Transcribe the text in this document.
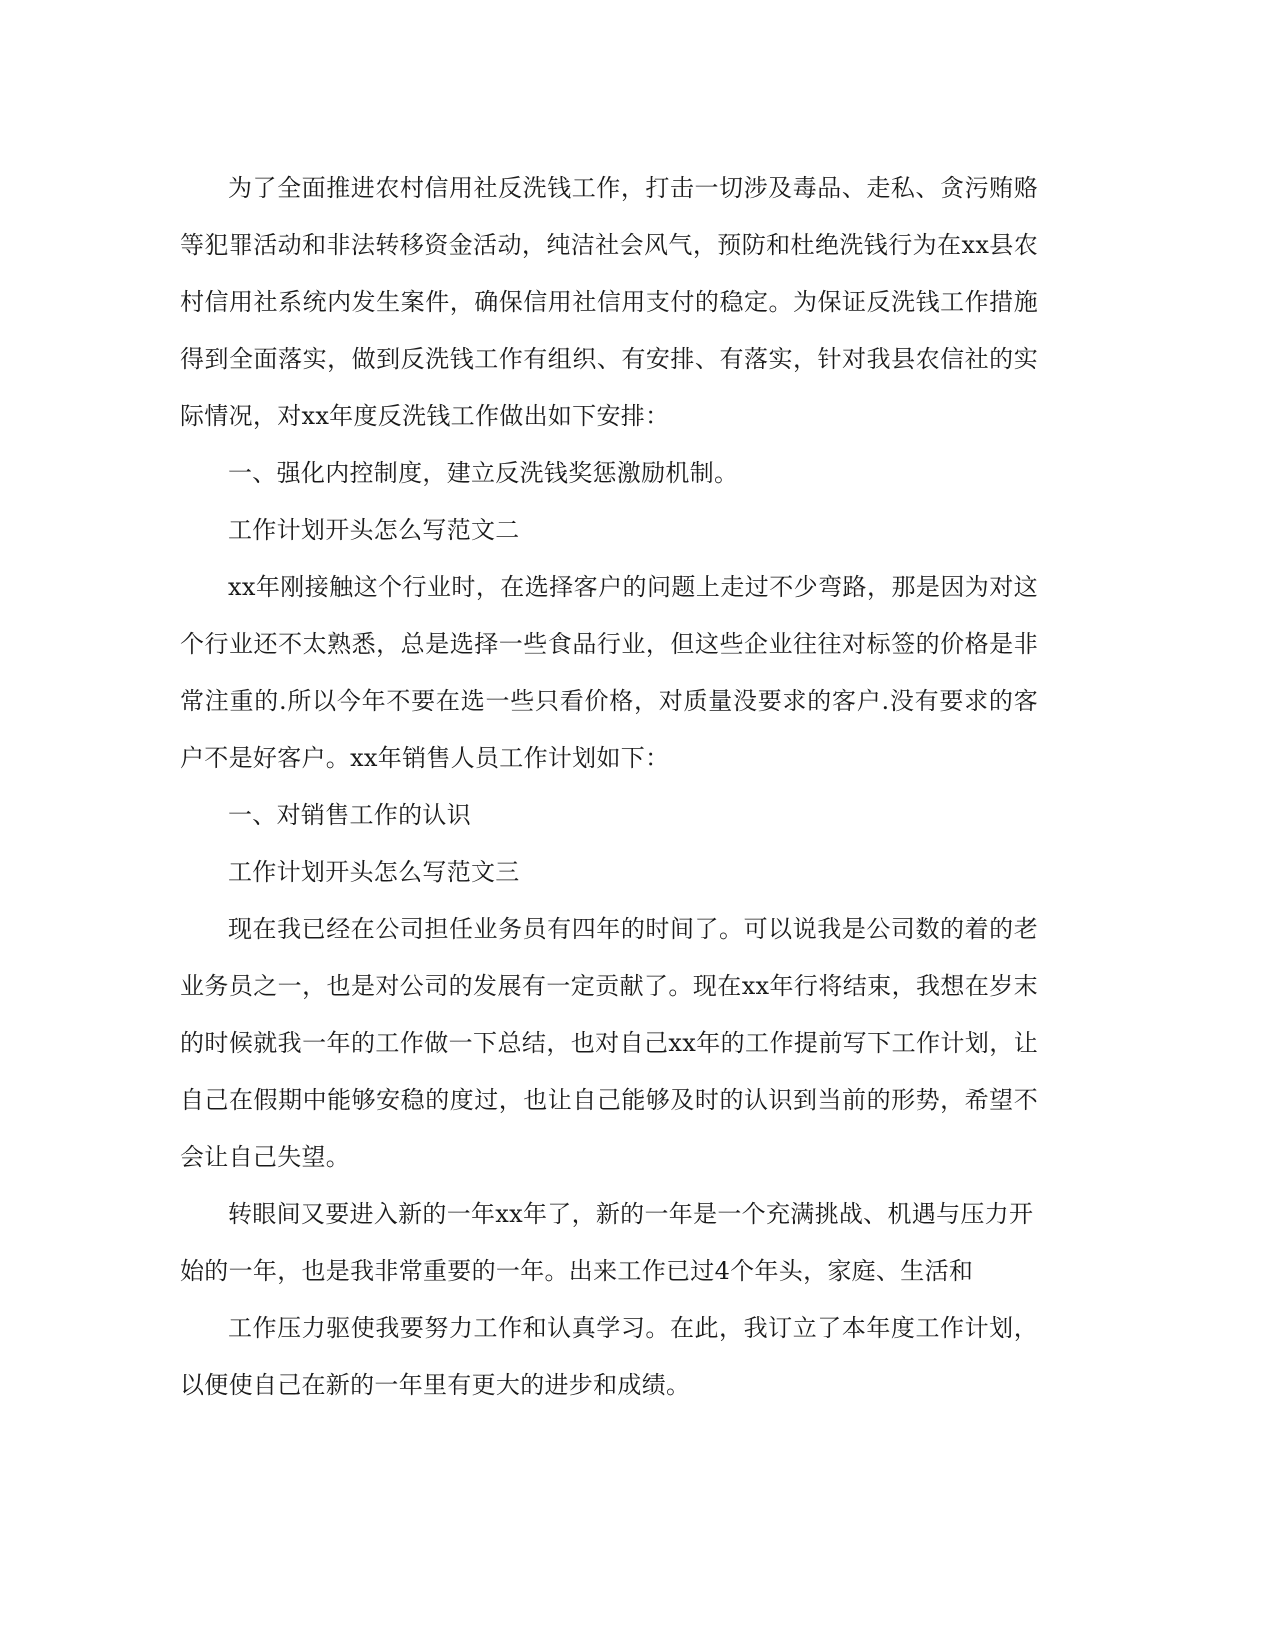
为了全面推进农村信用社反洗钱工作，打击一切涉及毒品、走私、贪污贿赂等犯罪活动和非法转移资金活动，纯洁社会风气，预防和杜绝洗钱行为在xx县农村信用社系统内发生案件，确保信用社信用支付的稳定。为保证反洗钱工作措施得到全面落实，做到反洗钱工作有组织、有安排、有落实，针对我县农信社的实际情况，对xx年度反洗钱工作做出如下安排：

一、强化内控制度，建立反洗钱奖惩激励机制。

工作计划开头怎么写范文二

xx年刚接触这个行业时，在选择客户的问题上走过不少弯路，那是因为对这个行业还不太熟悉，总是选择一些食品行业，但这些企业往往对标签的价格是非常注重的.所以今年不要在选一些只看价格，对质量没要求的客户.没有要求的客户不是好客户。xx年销售人员工作计划如下：

一、对销售工作的认识

工作计划开头怎么写范文三

现在我已经在公司担任业务员有四年的时间了。可以说我是公司数的着的老业务员之一，也是对公司的发展有一定贡献了。现在xx年行将结束，我想在岁末的时候就我一年的工作做一下总结，也对自己xx年的工作提前写下工作计划，让自己在假期中能够安稳的度过，也让自己能够及时的认识到当前的形势，希望不会让自己失望。

转眼间又要进入新的一年xx年了，新的一年是一个充满挑战、机遇与压力开始的一年，也是我非常重要的一年。出来工作已过4个年头，家庭、生活和

工作压力驱使我要努力工作和认真学习。在此，我订立了本年度工作计划，以便使自己在新的一年里有更大的进步和成绩。
